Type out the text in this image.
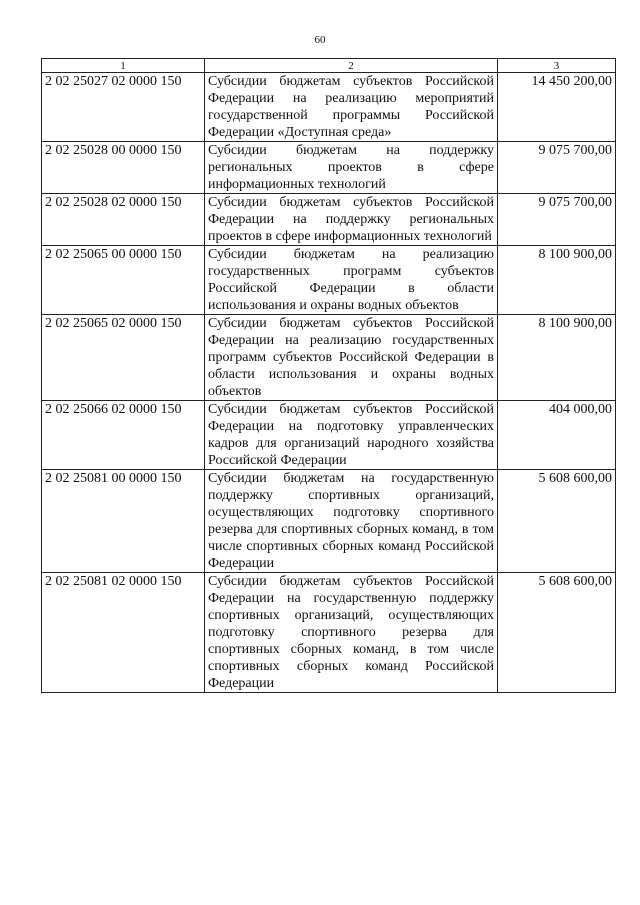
60
1	2	3
2 02 25027 02 0000 150	Субсидии бюджетам субъектов Российской Федерации на реализацию мероприятий государственной программы Российской Федерации «Доступная среда»	14 450 200,00
2 02 25028 00 0000 150	Субсидии бюджетам на поддержку региональных проектов в сфере информационных технологий	9 075 700,00
2 02 25028 02 0000 150	Субсидии бюджетам субъектов Российской Федерации на поддержку региональных проектов в сфере информационных технологий	9 075 700,00
2 02 25065 00 0000 150	Субсидии бюджетам на реализацию государственных программ субъектов Российской Федерации в области использования и охраны водных объектов	8 100 900,00
2 02 25065 02 0000 150	Субсидии бюджетам субъектов Российской Федерации на реализацию государственных программ субъектов Российской Федерации в области использования и охраны водных объектов	8 100 900,00
2 02 25066 02 0000 150	Субсидии бюджетам субъектов Российской Федерации на подготовку управленческих кадров для организаций народного хозяйства Российской Федерации	404 000,00
2 02 25081 00 0000 150	Субсидии бюджетам на государственную поддержку спортивных организаций, осуществляющих подготовку спортивного резерва для спортивных сборных команд, в том числе спортивных сборных команд Российской Федерации	5 608 600,00
2 02 25081 02 0000 150	Субсидии бюджетам субъектов Российской Федерации на государственную поддержку спортивных организаций, осуществляющих подготовку спортивного резерва для спортивных сборных команд, в том числе спортивных сборных команд Российской Федерации	5 608 600,00
